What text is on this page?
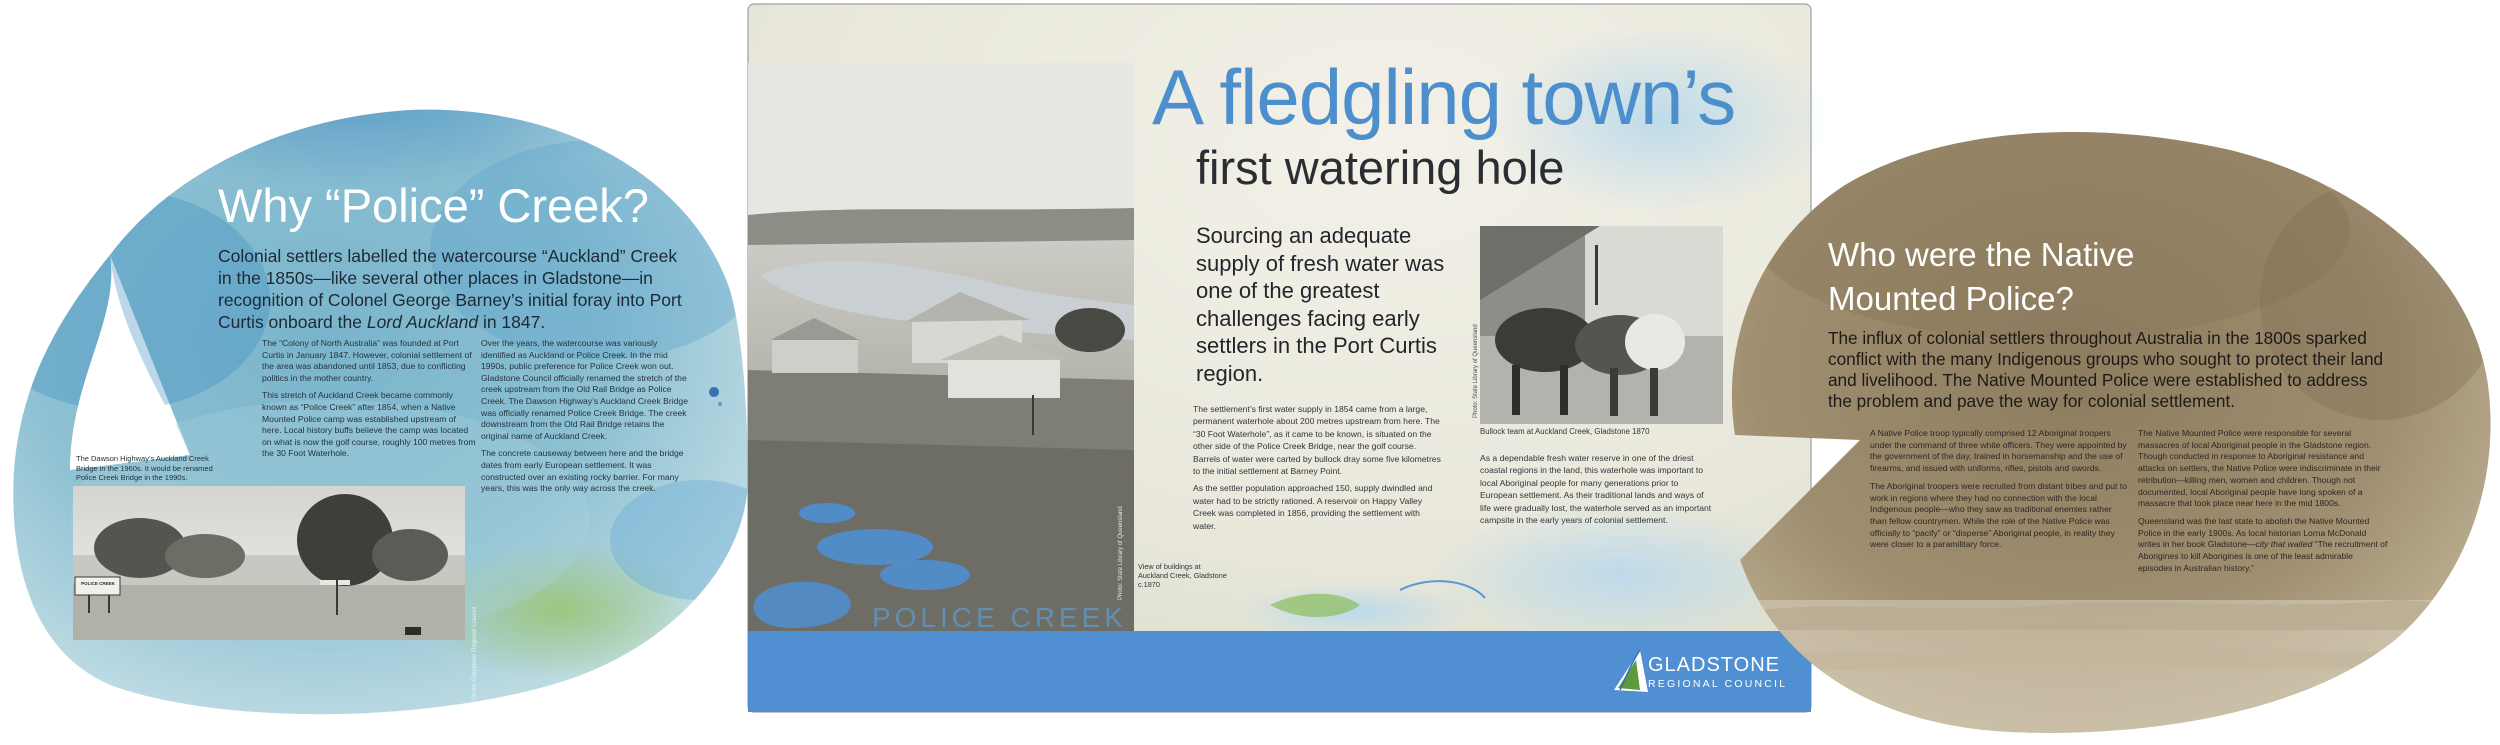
Why “Police” Creek?
Colonial settlers labelled the watercourse “Auckland” Creek in the 1850s—like several other places in Gladstone—in recognition of Colonel George Barney’s initial foray into Port Curtis onboard the Lord Auckland in 1847.

The “Colony of North Australia” was founded at Port Curtis in January 1847. However, colonial settlement of the area was abandoned until 1853, due to conflicting politics in the mother country.

This stretch of Auckland Creek became commonly known as “Police Creek” after 1854, when a Native Mounted Police camp was established upstream of here. Local history buffs believe the camp was located on what is now the golf course, roughly 100 metres from the 30 Foot Waterhole.

Over the years, the watercourse was variously identified as Auckland or Police Creek. In the mid 1990s, public preference for Police Creek won out. Gladstone Council officially renamed the stretch of the creek upstream from the Old Rail Bridge as Police Creek. The Dawson Highway’s Auckland Creek Bridge was officially renamed Police Creek Bridge. The creek downstream from the Old Rail Bridge retains the original name of Auckland Creek.

The concrete causeway between here and the bridge dates from early European settlement. It was constructed over an existing rocky barrier. For many years, this was the only way across the creek.

The Dawson Highway’s Auckland Creek Bridge in the 1960s. It would be renamed Police Creek Bridge in the 1990s.
POLICE CREEK
Photo: Gladstone Regional Council
A fledgling town’s
first watering hole
Sourcing an adequate supply of fresh water was one of the greatest challenges facing early settlers in the Port Curtis region.

The settlement’s first water supply in 1854 came from a large, permanent waterhole about 200 metres upstream from here. The “30 Foot Waterhole”, as it came to be known, is situated on the other side of the Police Creek Bridge, near the golf course. Barrels of water were carted by bullock dray some five kilometres to the initial settlement at Barney Point.

As the settler population approached 150, supply dwindled and water had to be strictly rationed. A reservoir on Happy Valley Creek was completed in 1856, providing the settlement with water.

As a dependable fresh water reserve in one of the driest coastal regions in the land, this waterhole was important to local Aboriginal people for many generations prior to European settlement. As their traditional lands and ways of life were gradually lost, the waterhole served as an important campsite in the early years of colonial settlement.

View of buildings at Auckland Creek, Gladstone c.1870
Bullock team at Auckland Creek, Gladstone 1870
Photo: State Library of Queensland
Photo: State Library of Queensland
POLICE CREEK
GLADSTONE
REGIONAL COUNCIL
Who were the Native Mounted Police?
The influx of colonial settlers throughout Australia in the 1800s sparked conflict with the many Indigenous groups who sought to protect their land and livelihood. The Native Mounted Police were established to address the problem and pave the way for colonial settlement.

A Native Police troop typically comprised 12 Aboriginal troopers under the command of three white officers. They were appointed by the government of the day, trained in horsemanship and the use of firearms, and issued with uniforms, rifles, pistols and swords.

The Aboriginal troopers were recruited from distant tribes and put to work in regions where they had no connection with the local Indigenous people—who they saw as traditional enemies rather than fellow countrymen. While the role of the Native Police was officially to “pacify” or “disperse” Aboriginal people, in reality they were closer to a paramilitary force.

The Native Mounted Police were responsible for several massacres of local Aboriginal people in the Gladstone region. Though conducted in response to Aboriginal resistance and attacks on settlers, the Native Police were indiscriminate in their retribution—killing men, women and children. Though not documented, local Aboriginal people have long spoken of a massacre that took place near here in the mid 1800s.

Queensland was the last state to abolish the Native Mounted Police in the early 1900s. As local historian Lorna McDonald writes in her book Gladstone—city that waited “The recruitment of Aborigines to kill Aborigines is one of the least admirable episodes in Australian history.”
